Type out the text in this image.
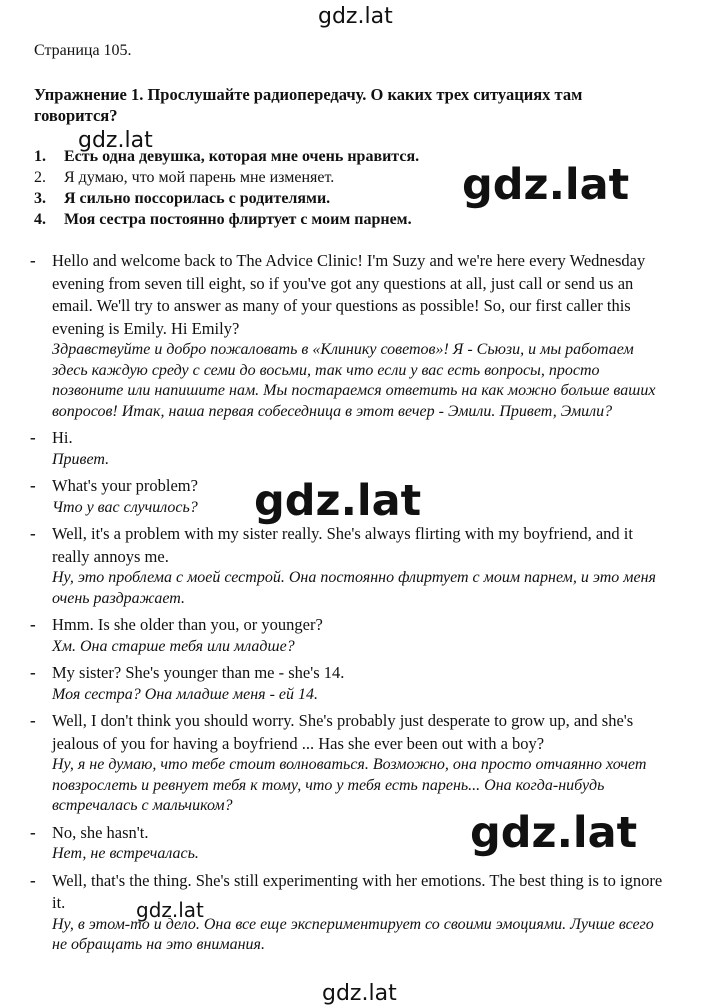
gdz.lat
gdz.lat
gdz.lat
gdz.lat
gdz.lat
gdz.lat
gdz.lat
Страница 105.
Упражнение 1. Прослушайте радиопередачу. О каких трех ситуациях там говорится?
1.	Есть одна девушка, которая мне очень нравится.
2.	Я думаю, что мой парень мне изменяет.
3.	Я сильно поссорилась с родителями.
4.	Моя сестра постоянно флиртует с моим парнем.
- Hello and welcome back to The Advice Clinic! I'm Suzy and we're here every Wednesday evening from seven till eight, so if you've got any questions at all, just call or send us an email. We'll try to answer as many of your questions as possible! So, our first caller this evening is Emily. Hi Emily?
Здравствуйте и добро пожаловать в «Клинику советов»! Я - Сьюзи, и мы работаем здесь каждую среду с семи до восьми, так что если у вас есть вопросы, просто позвоните или напишите нам. Мы постараемся ответить на как можно больше ваших вопросов! Итак, наша первая собеседница в этот вечер - Эмили. Привет, Эмили?
- Hi.
Привет.
- What's your problem?
Что у вас случилось?
- Well, it's a problem with my sister really. She's always flirting with my boyfriend, and it really annoys me.
Ну, это проблема с моей сестрой. Она постоянно флиртует с моим парнем, и это меня очень раздражает.
- Hmm. Is she older than you, or younger?
Хм. Она старше тебя или младше?
- My sister? She's younger than me - she's 14.
Моя сестра? Она младше меня - ей 14.
- Well, I don't think you should worry. She's probably just desperate to grow up, and she's jealous of you for having a boyfriend ... Has she ever been out with a boy?
Ну, я не думаю, что тебе стоит волноваться. Возможно, она просто отчаянно хочет повзрослеть и ревнует тебя к тому, что у тебя есть парень... Она когда-нибудь встречалась с мальчиком?
- No, she hasn't.
Нет, не встречалась.
- Well, that's the thing. She's still experimenting with her emotions. The best thing is to ignore it.
Ну, в этом-то и дело. Она все еще экспериментирует со своими эмоциями. Лучше всего не обращать на это внимания.
